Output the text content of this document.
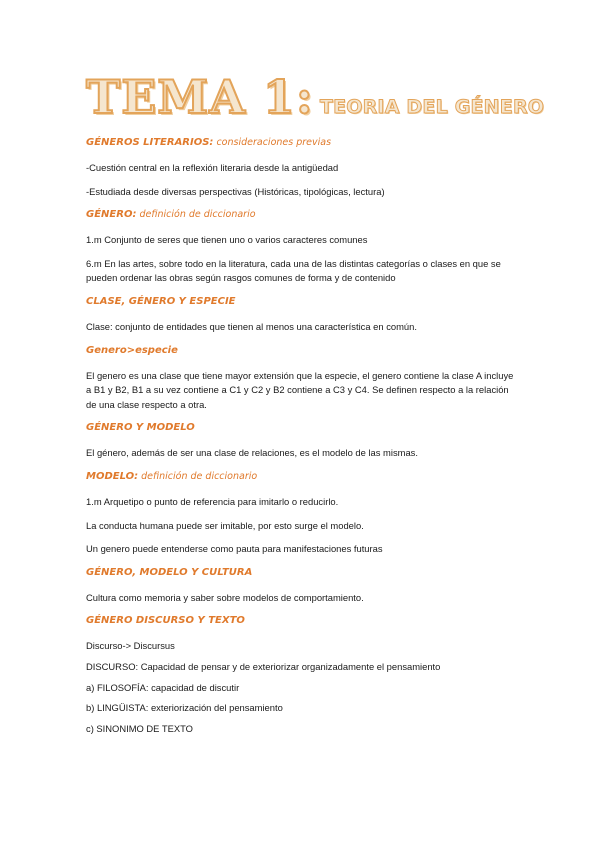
TEMA 1: TEORIA DEL GÉNERO
GÉNEROS LITERARIOS: consideraciones previas
-Cuestión central en la reflexión literaria desde la antigüedad
-Estudiada desde diversas perspectivas (Históricas, tipológicas, lectura)
GÉNERO: definición de diccionario
1.m Conjunto de seres que tienen uno o varios caracteres comunes
6.m En las artes, sobre todo en la literatura, cada una de las distintas categorías o clases en que se pueden ordenar las obras según rasgos comunes de forma y de contenido
CLASE, GÉNERO Y ESPECIE
Clase: conjunto de entidades que tienen al menos una característica en común.
Genero>especie
El genero es una clase que tiene mayor extensión que la especie, el genero contiene la clase A incluye a B1 y B2, B1 a su vez contiene a C1 y C2 y B2 contiene a C3 y C4. Se definen respecto a la relación de una clase respecto a otra.
GÉNERO Y MODELO
El género, además de ser una clase de relaciones, es el modelo de las mismas.
MODELO: definición de diccionario
1.m Arquetipo o punto de referencia para imitarlo o reducirlo.
La conducta humana puede ser imitable, por esto surge el modelo.
Un genero puede entenderse como pauta para manifestaciones futuras
GÉNERO, MODELO Y CULTURA
Cultura como memoria y saber sobre modelos de comportamiento.
GÉNERO DISCURSO Y TEXTO
Discurso-> Discursus
DISCURSO: Capacidad de pensar y de exteriorizar organizadamente el pensamiento
a) FILOSOFÍA: capacidad de discutir
b) LINGÜISTA: exteriorización del pensamiento
c) SINONIMO DE TEXTO
